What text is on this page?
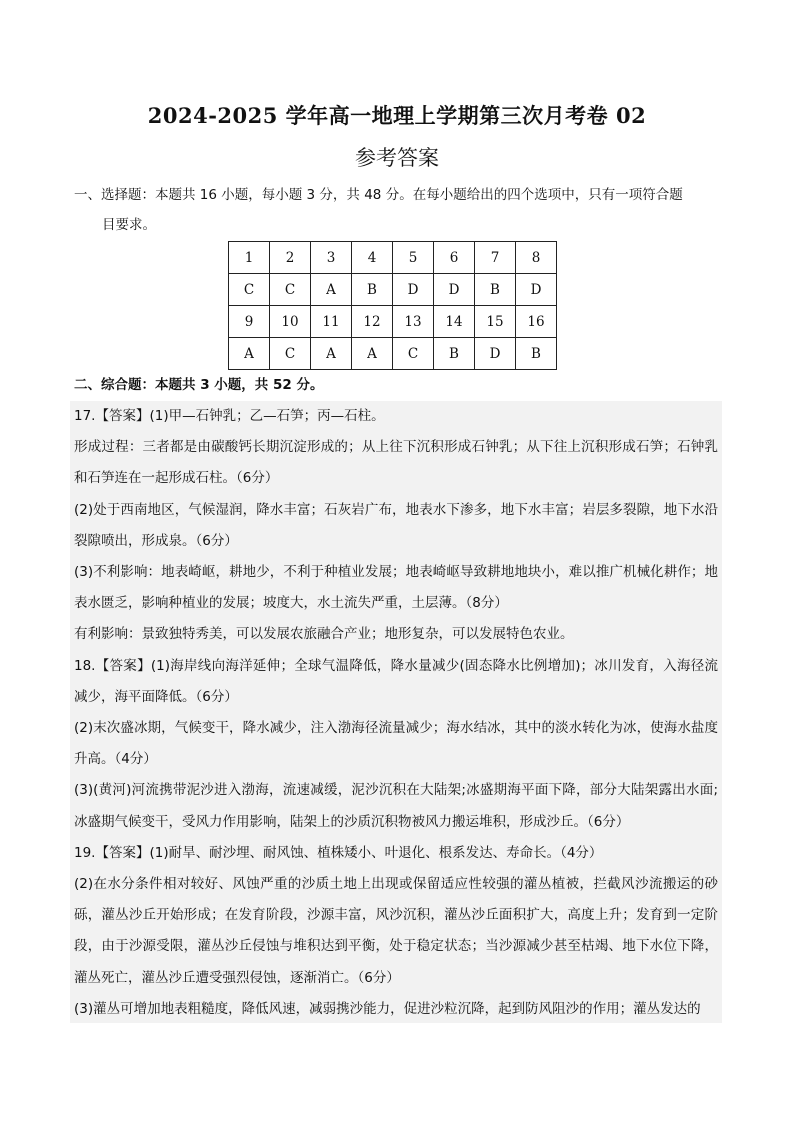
2024-2025 学年高一地理上学期第三次月考卷 02
参考答案
一、选择题：本题共 16 小题，每小题 3 分，共 48 分。在每小题给出的四个选项中，只有一项符合题
目要求。
1	2	3	4	5	6	7	8
C	C	A	B	D	D	B	D
9	10	11	12	13	14	15	16
A	C	A	A	C	B	D	B
二、综合题：本题共 3 小题，共 52 分。
17.【答案】(1)甲—石钟乳；乙—石笋；丙—石柱。
形成过程：三者都是由碳酸钙长期沉淀形成的；从上往下沉积形成石钟乳；从下往上沉积形成石笋；石钟乳和石笋连在一起形成石柱。（6分）
(2)处于西南地区，气候湿润，降水丰富；石灰岩广布，地表水下渗多，地下水丰富；岩层多裂隙，地下水沿裂隙喷出，形成泉。（6分）
(3)不利影响：地表崎岖，耕地少，不利于种植业发展；地表崎岖导致耕地地块小，难以推广机械化耕作；地表水匮乏，影响种植业的发展；坡度大，水土流失严重，土层薄。（8分）
有利影响：景致独特秀美，可以发展农旅融合产业；地形复杂，可以发展特色农业。
18.【答案】(1)海岸线向海洋延伸；全球气温降低，降水量减少(固态降水比例增加)；冰川发育，入海径流减少，海平面降低。（6分）
(2)末次盛冰期，气候变干，降水减少，注入渤海径流量减少；海水结冰，其中的淡水转化为冰，使海水盐度升高。（4分）
(3)(黄河)河流携带泥沙进入渤海，流速减缓，泥沙沉积在大陆架;冰盛期海平面下降，部分大陆架露出水面;冰盛期气候变干，受风力作用影响，陆架上的沙质沉积物被风力搬运堆积，形成沙丘。（6分）
19.【答案】(1)耐旱、耐沙埋、耐风蚀、植株矮小、叶退化、根系发达、寿命长。（4分）
(2)在水分条件相对较好、风蚀严重的沙质土地上出现或保留适应性较强的灌丛植被，拦截风沙流搬运的砂砾，灌丛沙丘开始形成；在发育阶段，沙源丰富，风沙沉积，灌丛沙丘面积扩大，高度上升；发育到一定阶段，由于沙源受限，灌丛沙丘侵蚀与堆积达到平衡，处于稳定状态；当沙源减少甚至枯竭、地下水位下降，灌丛死亡，灌丛沙丘遭受强烈侵蚀，逐渐消亡。（6分）
(3)灌丛可增加地表粗糙度，降低风速，减弱携沙能力，促进沙粒沉降，起到防风阻沙的作用；灌丛发达的
